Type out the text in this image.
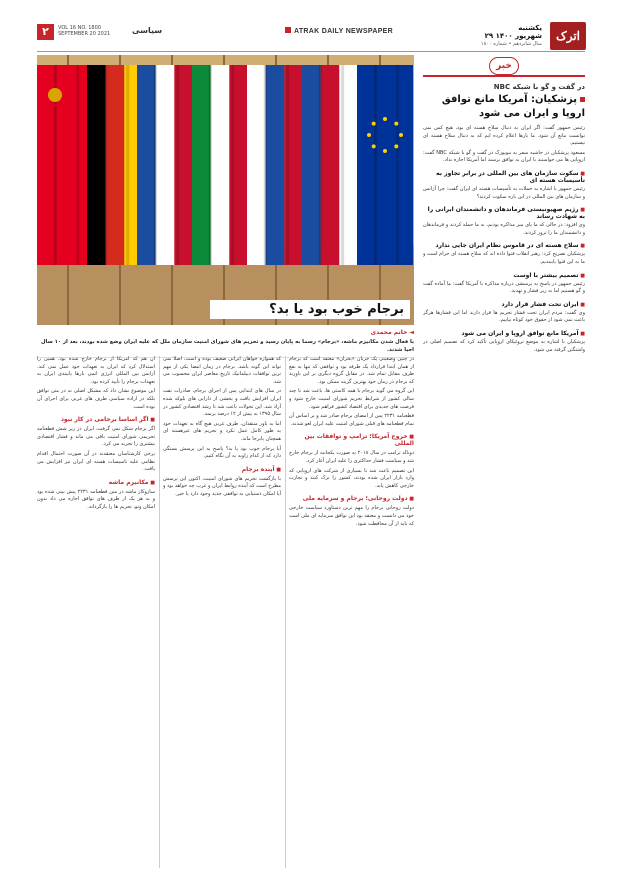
۲	VOL 16 NO. 1800
SEPTEMBER 20 2021	سیاسی	ATRAK DAILY NEWSPAPER	یکشنبه
۲۹ شهریور ۱۴۰۰
سال شانزدهم • شماره ۱۸۰۰
اترک
برجام خوب بود یا بد؟
◄ خانم محمدی
با فعال شدن مکانیزم ماشه، «برجام» رسما به پایان رسید و تحریم های شورای امنیت سازمان ملل که علیه ایران وضع شده بودند، بعد از ۱۰ سال احیا شدند.

در چنین وضعیتی یک جریان «بحران» معتقد است که برجام از همان ابتدا قرارداد یک طرفه بود و توافقی که تنها به نفع طرف مقابل تمام شد. در مقابل گروه دیگری بر این باورند که برجام در زمان خود بهترین گزینه ممکن بود.

این گروه می گوید برجام با همه کاستی ها، باعث شد تا چند سالی کشور از شرایط تحریم شورای امنیت خارج شود و فرصت های جدیدی برای اقتصاد کشور فراهم شود.

قطعنامه ۲۲۳۱ پس از امضای برجام صادر شد و بر اساس آن تمام قطعنامه های قبلی شورای امنیت علیه ایران لغو شدند.

■ خروج آمریکا؛ ترامپ و توافقات بین المللی

دونالد ترامپ در سال ۲۰۱۸ به صورت یکجانبه از برجام خارج شد و سیاست فشار حداکثری را علیه ایران آغاز کرد.

این تصمیم باعث شد تا بسیاری از شرکت های اروپایی که وارد بازار ایران شده بودند، کشور را ترک کنند و تجارت خارجی کاهش یابد.

■ دولت روحانی؛ برجام و سرمایه ملی

دولت روحانی برجام را مهم ترین دستاورد سیاست خارجی خود می دانست و معتقد بود این توافق سرمایه ای ملی است که باید از آن محافظت شود.

که همواره خواهان ایرانی ضعیف بوده و است، اصلا نمی تواند این گونه باشد. برجام در زمان امضا یکی از مهم ترین توافقات دیپلماتیک تاریخ معاصر ایران محسوب می شد.

در سال های ابتدایی پس از اجرای برجام، صادرات نفت ایران افزایش یافت و بخشی از دارایی های بلوکه شده آزاد شد. این تحولات باعث شد تا رشد اقتصادی کشور در سال ۱۳۹۵ به بیش از ۱۲ درصد برسد.

اما به باور منتقدان، طرف غربی هیچ گاه به تعهدات خود به طور کامل عمل نکرد و تحریم های غیرهسته ای همچنان پابرجا ماند.

آیا برجام خوب بود یا بد؟ پاسخ به این پرسش بستگی دارد که از کدام زاویه به آن نگاه کنیم.

■ آینده برجام

با بازگشت تحریم های شورای امنیت، اکنون این پرسش مطرح است که آینده روابط ایران و غرب چه خواهد بود و آیا امکان دستیابی به توافقی جدید وجود دارد یا خیر.

آن هم که آمریکا از برجام خارج شده بود، همین را استدلال کرد که ایران به تعهدات خود عمل نمی کند. آژانس بین المللی انرژی اتمی بارها پایبندی ایران به تعهدات برجام را تأیید کرده بود.

این موضوع نشان داد که مشکل اصلی نه در متن توافق بلکه در اراده سیاسی طرف های غربی برای اجرای آن بوده است.

■ اگر اساسا برجامی در کار نبود

اگر برجام شکل نمی گرفت، ایران در زیر شش قطعنامه تحریمی شورای امنیت باقی می ماند و فشار اقتصادی بیشتری را تجربه می کرد.

برخی کارشناسان معتقدند در آن صورت احتمال اقدام نظامی علیه تاسیسات هسته ای ایران نیز افزایش می یافت.

■ مکانیزم ماشه

سازوکار ماشه در متن قطعنامه ۲۲۳۱ پیش بینی شده بود و به هر یک از طرف های توافق اجازه می داد بدون امکان وتو، تحریم ها را بازگرداند.

خبر
در گفت و گو با شبکه NBC
پزشکیان: آمریکا مانع توافق اروپا و ایران می شود

رئیس جمهور گفت: اگر ایران به دنبال سلاح هسته ای بود، هیچ کس نمی توانست مانع آن شود. ما بارها اعلام کرده ایم که به دنبال سلاح هسته ای نیستیم.

مسعود پزشکیان در حاشیه سفر به نیویورک در گفت و گو با شبکه NBC گفت: اروپایی ها می خواستند با ایران به توافق برسند اما آمریکا اجازه نداد.

■ سکوت سازمان های بین المللی در برابر تجاوز به تأسیسات هسته ای

رئیس جمهور با اشاره به حملات به تأسیسات هسته ای ایران گفت: چرا آژانس و سازمان های بین المللی در این باره سکوت کردند؟

■ رژیم صهیونیستی فرماندهان و دانشمندان ایرانی را به شهادت رساند

وی افزود: در حالی که ما پای میز مذاکره بودیم، به ما حمله کردند و فرماندهان و دانشمندان ما را ترور کردند.

■ سلاح هسته ای در قاموس نظام ایران جایی ندارد

پزشکیان تصریح کرد: رهبر انقلاب فتوا داده اند که سلاح هسته ای حرام است و ما به این فتوا پایبندیم.

■ تصمیم بیشتر با اوست

رئیس جمهور در پاسخ به پرسشی درباره مذاکره با آمریکا گفت: ما آماده گفت و گو هستیم اما نه زیر فشار و تهدید.

■ ایران تحت فشار قرار دارد

وی گفت: مردم ایران تحت فشار تحریم ها قرار دارند اما این فشارها هرگز باعث نمی شود از حقوق خود کوتاه بیاییم.

■ آمریکا مانع توافق اروپا و ایران می شود

پزشکیان با اشاره به موضع تروئیکای اروپایی تأکید کرد که تصمیم اصلی در واشنگتن گرفته می شود.
